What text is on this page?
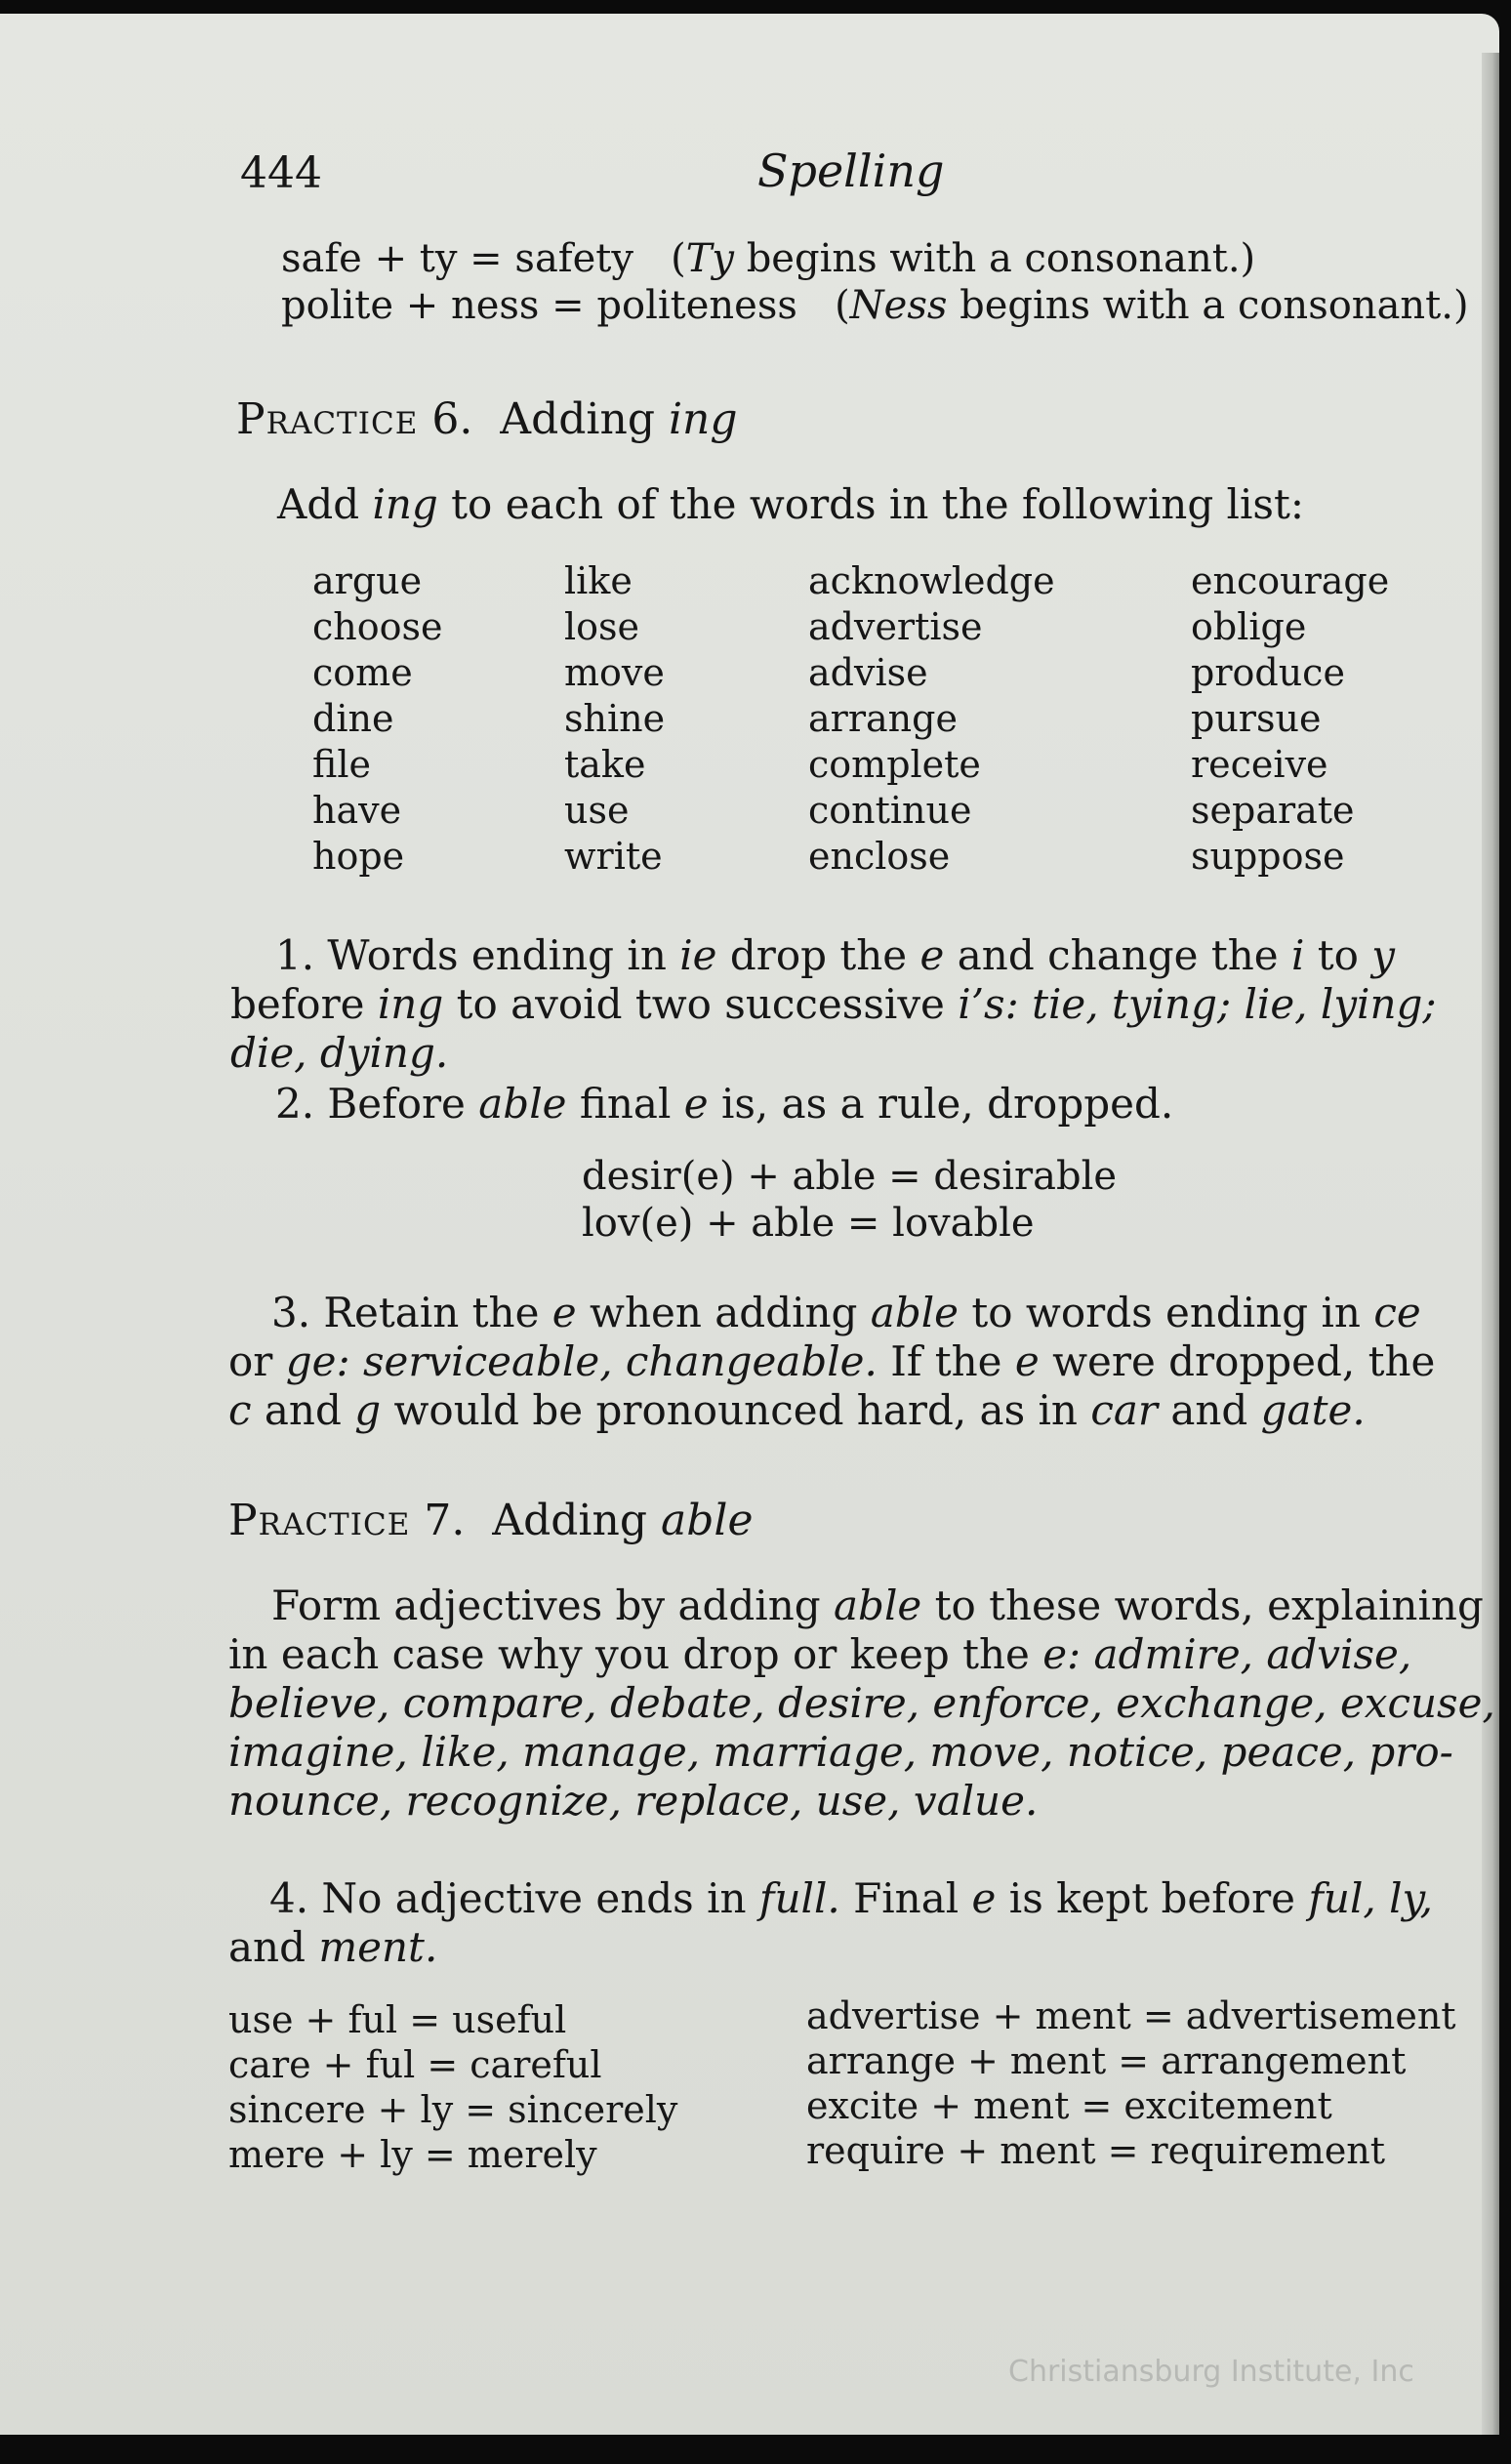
444	Spelling
safe + ty = safety (Ty begins with a consonant.)
polite + ness = politeness (Ness begins with a consonant.)
Practice 6. Adding ing
Add ing to each of the words in the following list:
argue
choose
come
dine
file
have
hope
like
lose
move
shine
take
use
write
acknowledge
advertise
advise
arrange
complete
continue
enclose
encourage
oblige
produce
pursue
receive
separate
suppose
1. Words ending in ie drop the e and change the i to y
before ing to avoid two successive i’s: tie, tying; lie, lying;
die, dying.
2. Before able final e is, as a rule, dropped.
desir(e) + able = desirable
lov(e) + able = lovable
3. Retain the e when adding able to words ending in ce
or ge: serviceable, changeable. If the e were dropped, the
c and g would be pronounced hard, as in car and gate.
Practice 7. Adding able
Form adjectives by adding able to these words, explaining
in each case why you drop or keep the e: admire, advise,
believe, compare, debate, desire, enforce, exchange, excuse,
imagine, like, manage, marriage, move, notice, peace, pro-
nounce, recognize, replace, use, value.
4. No adjective ends in full. Final e is kept before ful, ly,
and ment.
use + ful = useful
care + ful = careful
sincere + ly = sincerely
mere + ly = merely
advertise + ment = advertisement
arrange + ment = arrangement
excite + ment = excitement
require + ment = requirement
Christiansburg Institute, Inc
